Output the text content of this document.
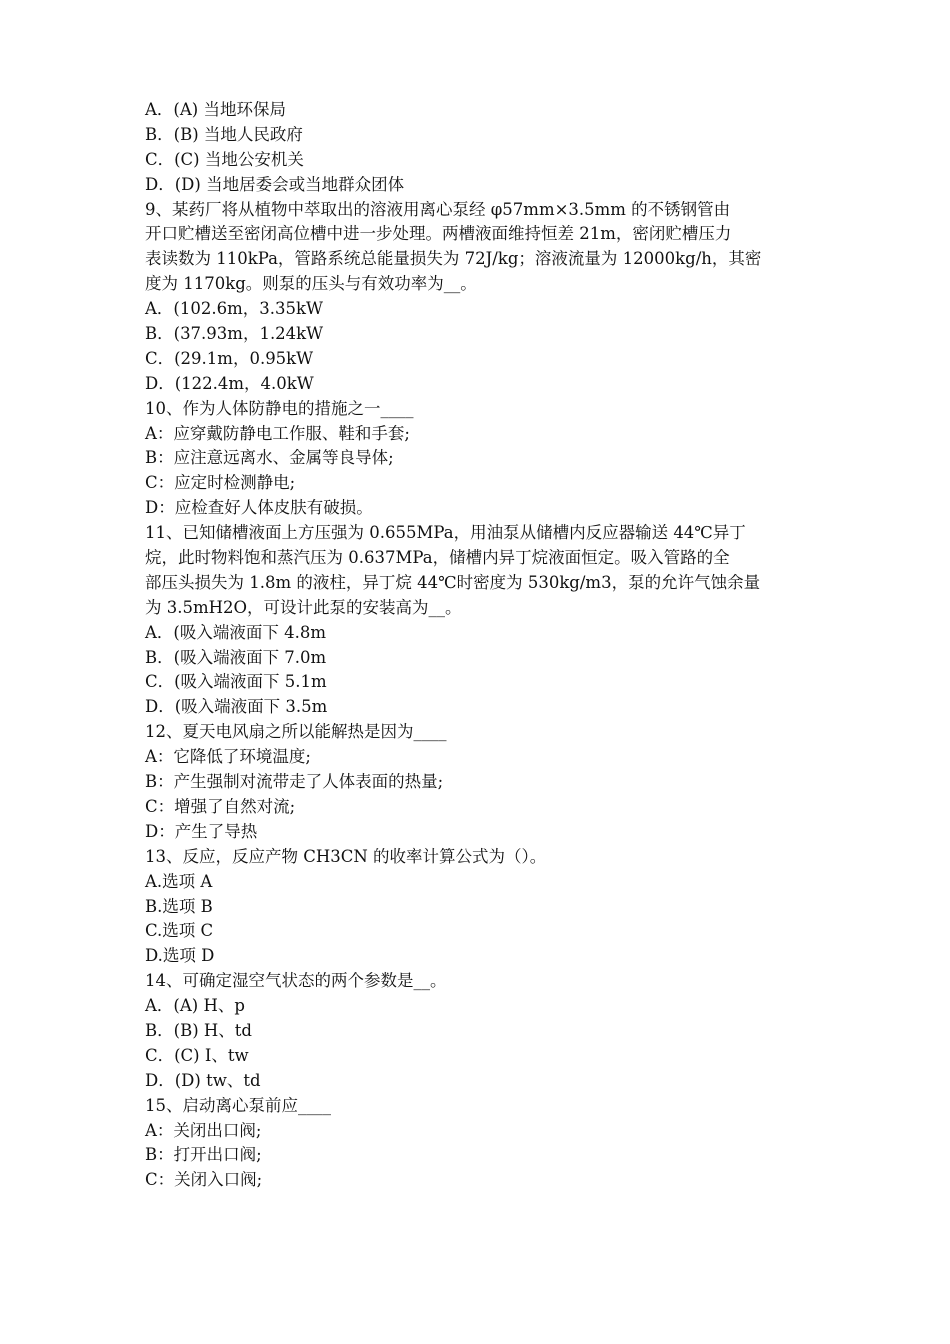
A．(A) 当地环保局
B．(B) 当地人民政府
C．(C) 当地公安机关
D．(D) 当地居委会或当地群众团体
9、某药厂将从植物中萃取出的溶液用离心泵经 φ57mm×3.5mm 的不锈钢管由
开口贮槽送至密闭高位槽中进一步处理。两槽液面维持恒差 21m，密闭贮槽压力
表读数为 110kPa，管路系统总能量损失为 72J/kg；溶液流量为 12000kg/h，其密
度为 1170kg。则泵的压头与有效功率为__。
A．(102.6m，3.35kW
B．(37.93m，1.24kW
C．(29.1m，0.95kW
D．(122.4m，4.0kW
10、作为人体防静电的措施之一____
A：应穿戴防静电工作服、鞋和手套;
B：应注意远离水、金属等良导体;
C：应定时检测静电;
D：应检查好人体皮肤有破损。
11、已知储槽液面上方压强为 0.655MPa，用油泵从储槽内反应器输送 44℃异丁
烷，此时物料饱和蒸汽压为 0.637MPa，储槽内异丁烷液面恒定。吸入管路的全
部压头损失为 1.8m 的液柱，异丁烷 44℃时密度为 530kg/m3，泵的允许气蚀余量
为 3.5mH2O，可设计此泵的安装高为__。
A．(吸入端液面下 4.8m
B．(吸入端液面下 7.0m
C．(吸入端液面下 5.1m
D．(吸入端液面下 3.5m
12、夏天电风扇之所以能解热是因为____
A：它降低了环境温度;
B：产生强制对流带走了人体表面的热量;
C：增强了自然对流;
D：产生了导热
13、反应，反应产物 CH3CN 的收率计算公式为（）。
A.选项 A
B.选项 B
C.选项 C
D.选项 D
14、可确定湿空气状态的两个参数是__。
A．(A) H、p
B．(B) H、td
C．(C) I、tw
D．(D) tw、td
15、启动离心泵前应____
A：关闭出口阀;
B：打开出口阀;
C：关闭入口阀;
